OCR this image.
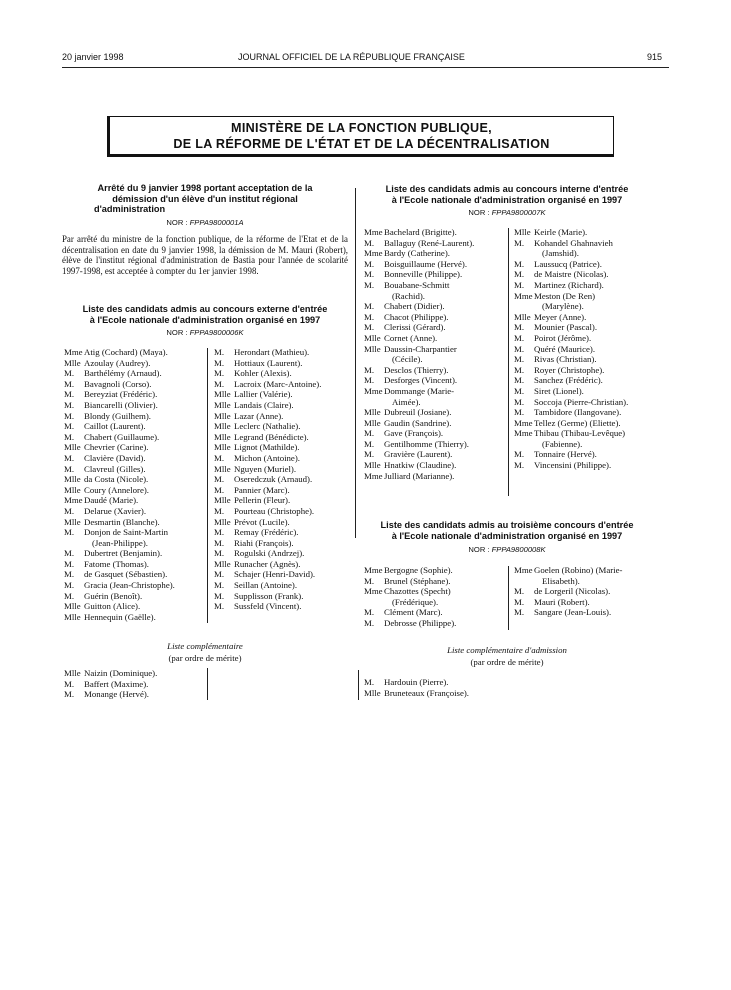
20 janvier 1998	JOURNAL OFFICIEL DE LA RÉPUBLIQUE FRANÇAISE	915
MINISTÈRE DE LA FONCTION PUBLIQUE,
DE LA RÉFORME DE L'ÉTAT ET DE LA DÉCENTRALISATION
Arrêté du 9 janvier 1998 portant acceptation de la
démission d'un élève d'un institut régional
d'administration
NOR : FPPA9800001A
Par arrêté du ministre de la fonction publique, de la réforme de l'Etat et de la décentralisation en date du 9 janvier 1998, la démission de M. Mauri (Robert), élève de l'institut régional d'administration de Bastia pour l'année de scolarité 1997-1998, est acceptée à compter du 1er janvier 1998.
Liste des candidats admis au concours externe d'entrée
à l'Ecole nationale d'administration organisé en 1997
NOR : FPPA9800006K
Mme Atig (Cochard) (Maya).
Mlle Azoulay (Audrey).
M. Barthélémy (Arnaud).
M. Bavagnoli (Corso).
M. Bereyziat (Frédéric).
M. Biancarelli (Olivier).
M. Blondy (Guilhem).
M. Caillot (Laurent).
M. Chabert (Guillaume).
Mlle Chevrier (Carine).
M. Clavière (David).
M. Clavreul (Gilles).
Mlle da Costa (Nicole).
Mlle Coury (Annelore).
Mme Daudé (Marie).
M. Delarue (Xavier).
Mlle Desmartin (Blanche).
M. Donjon de Saint-Martin
(Jean-Philippe).
M. Dubertret (Benjamin).
M. Fatome (Thomas).
M. de Gasquet (Sébastien).
M. Gracia (Jean-Christophe).
M. Guérin (Benoît).
Mlle Guitton (Alice).
Mlle Hennequin (Gaëlle).
M. Herondart (Mathieu).
M. Hottiaux (Laurent).
M. Kohler (Alexis).
M. Lacroix (Marc-Antoine).
Mlle Lallier (Valérie).
Mlle Landais (Claire).
Mlle Lazar (Anne).
Mlle Leclerc (Nathalie).
Mlle Legrand (Bénédicte).
Mlle Lignot (Mathilde).
M. Michon (Antoine).
Mlle Nguyen (Muriel).
M. Oseredczuk (Arnaud).
M. Pannier (Marc).
Mlle Pellerin (Fleur).
M. Pourteau (Christophe).
Mlle Prévot (Lucile).
M. Remay (Frédéric).
M. Riahi (François).
M. Rogulski (Andrzej).
Mlle Runacher (Agnès).
M. Schajer (Henri-David).
M. Seillan (Antoine).
M. Supplisson (Frank).
M. Sussfeld (Vincent).
Liste complémentaire
(par ordre de mérite)
Mlle Naizin (Dominique).
M. Baffert (Maxime).
M. Monange (Hervé).
Liste des candidats admis au concours interne d'entrée
à l'Ecole nationale d'administration organisé en 1997
NOR : FPPA9800007K
Mme Bachelard (Brigitte).
M. Ballaguy (René-Laurent).
Mme Bardy (Catherine).
M. Boisguillaume (Hervé).
M. Bonneville (Philippe).
M. Bouabane-Schmitt
(Rachid).
M. Chabert (Didier).
M. Chacot (Philippe).
M. Clerissi (Gérard).
Mlle Cornet (Anne).
Mlle Daussin-Charpantier
(Cécile).
M. Desclos (Thierry).
M. Desforges (Vincent).
Mme Dommange (Marie-
Aimée).
Mlle Dubreuil (Josiane).
Mlle Gaudin (Sandrine).
M. Gave (François).
M. Gentilhomme (Thierry).
M. Gravière (Laurent).
Mlle Hnatkiw (Claudine).
Mme Julliard (Marianne).
Mlle Keirle (Marie).
M. Kohandel Ghahnavieh
(Jamshid).
M. Laussucq (Patrice).
M. de Maistre (Nicolas).
M. Martinez (Richard).
Mme Meston (De Ren)
(Marylène).
Mlle Meyer (Anne).
M. Mounier (Pascal).
M. Poirot (Jérôme).
M. Quéré (Maurice).
M. Rivas (Christian).
M. Royer (Christophe).
M. Sanchez (Frédéric).
M. Siret (Lionel).
M. Soccoja (Pierre-Christian).
M. Tambidore (Ilangovane).
Mme Tellez (Germe) (Eliette).
Mme Thibau (Thibau-Levêque)
(Fabienne).
M. Tonnaire (Hervé).
M. Vincensini (Philippe).
Liste des candidats admis au troisième concours d'entrée
à l'Ecole nationale d'administration organisé en 1997
NOR : FPPA9800008K
Mme Bergogne (Sophie).
M. Brunel (Stéphane).
Mme Chazottes (Specht)
(Frédérique).
M. Clément (Marc).
M. Debrosse (Philippe).
Mme Goelen (Robino) (Marie-
Elisabeth).
M. de Lorgeril (Nicolas).
M. Mauri (Robert).
M. Sangare (Jean-Louis).
Liste complémentaire d'admission
(par ordre de mérite)
M. Hardouin (Pierre).
Mlle Bruneteaux (Françoise).
